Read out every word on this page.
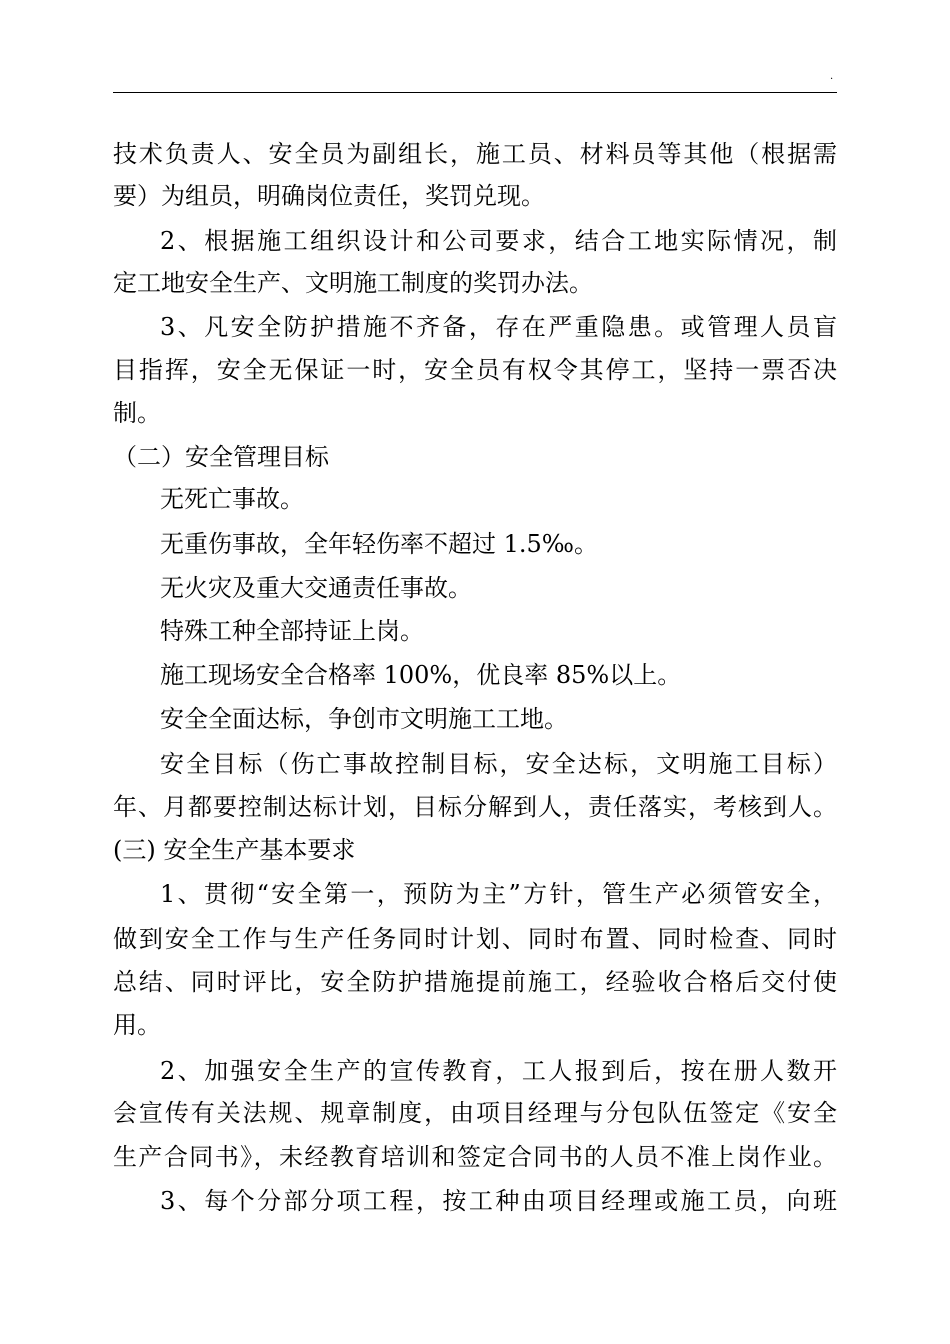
.
技术负责人、安全员为副组长，施工员、材料员等其他（根据需
要）为组员，明确岗位责任，奖罚兑现。
2、根据施工组织设计和公司要求，结合工地实际情况，制
定工地安全生产、文明施工制度的奖罚办法。
3、凡安全防护措施不齐备，存在严重隐患。或管理人员盲
目指挥，安全无保证一时，安全员有权令其停工，坚持一票否决
制。
（二）安全管理目标
无死亡事故。
无重伤事故，全年轻伤率不超过 1.5‰。
无火灾及重大交通责任事故。
特殊工种全部持证上岗。
施工现场安全合格率 100%，优良率 85%以上。
安全全面达标，争创市文明施工工地。
安全目标（伤亡事故控制目标，安全达标，文明施工目标）
年、月都要控制达标计划，目标分解到人，责任落实，考核到人。
(三) 安全生产基本要求
1、贯彻“安全第一，预防为主”方针，管生产必须管安全，
做到安全工作与生产任务同时计划、同时布置、同时检查、同时
总结、同时评比，安全防护措施提前施工，经验收合格后交付使
用。
2、加强安全生产的宣传教育，工人报到后，按在册人数开
会宣传有关法规、规章制度，由项目经理与分包队伍签定《安全
生产合同书》，未经教育培训和签定合同书的人员不准上岗作业。
3、每个分部分项工程，按工种由项目经理或施工员，向班
